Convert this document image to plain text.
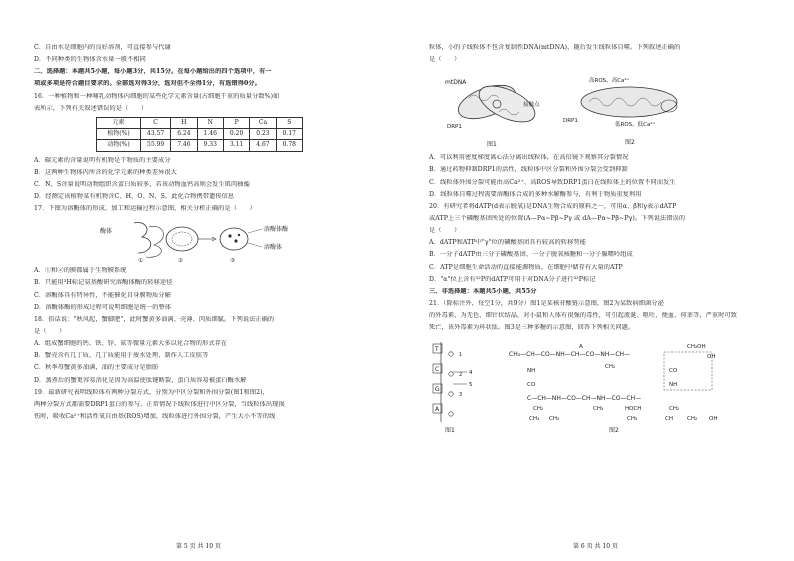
C．自由水是细胞内的良好溶剂，可直接参与代谢
D．不同种类的生物体含水量一般不相同
二、选择题：本题共5小题，每小题3分，共15分。在每小题给出的四个选项中，有一
项或多项是符合题目要求的。全部选对得3分，选对但不全得1分，有选错得0分。
16．一种植物和一种哺乳动物体内细胞的某些化学元素含量(占细胞干重的质量分数%)如
表所示，下列有关叙述错误的是（　　）
元素	C	H	N	P	Ca	S
植物(%)	43.57	6.24	1.46	0.20	0.23	0.17
动物(%)	55.99	7.46	9.33	3.11	4.67	0.78
A．碳元素的含量说明有机物是干物质的主要成分
B．这两种生物体内所含的化学元素的种类差异很大
C．N、S含量说明动物组织含蛋白质较多，若该动物血钙高则会发生肌肉抽搐
D．经测定该植物某有机物含C、H、O、N、S，此化合物携带遗传信息
17．下图为溶酶体的形成、加工和运输过程示意图，相关分析正确的是（　　）
酶体	溶酶体酶
溶酶体
①	②	③
A．①和②的膜都属于生物膜系统
B．只能用³H标记氨基酸研究溶酶体酶的转移途径
C．溶酶体具有特异性，不能催化自身膜物质分解
D．溶酶体酶的形成过程可说明细胞是统一的整体
18．俗话说："秋风起，蟹脚肥"，此时蟹黄多油满、壳薄、肉质细腻。下列说法正确的
是（　　）
A．组成蟹细胞的钙、铁、锌、氮等微量元素大多以化合物的形式存在
B．蟹壳含有几丁质，几丁质能用于废水处理、制作人工皮肤等
C．秋季母蟹黄多油满，油的主要成分是脂肪
D．蒸煮后的蟹更容易消化是因为高温使肽键断裂，蛋白质容易被蛋白酶水解
19．最新研究表明线粒体有两种分裂方式，分别为中区分裂和外围分裂(图1和图2)，
两种分裂方式都需要DRP1蛋白的参与。正常情况下线粒体进行中区分裂，当线粒体出现损
伤时，吸收Ca²⁺和活性氧自由基(ROS)增加，线粒体进行外围分裂，产生大小不等的线
第 5 页 共 10 页
粒体，小的子线粒体不包含复制性DNA(mtDNA)，随后发生线粒体自噬。下列叙述正确的
是（　　）
mtDNA
接触点
DRP1
图1
高ROS、高Ca²⁺
DRP1
低ROS、低Ca²⁺
图2
A．可以利用密度梯度离心法分离出线粒体，在高倍镜下观察其分裂情况
B．通过药物抑制DRP1的活性，线粒体中区分裂和外围分裂会受到抑制
C．线粒体外围分裂可能由高Ca²⁺、高ROS导致DRP1蛋白在线粒体上的位置不同而发生
D．线粒体自噬过程需要溶酶体合成的多种水解酶参与，有利于物质重复利用
20．有研究者将dATP(d表示脱氧)是DNA生物合成的原料之一，可用α、β和γ表示dATP
或ATP上三个磷酸基团所处的位置(A—Pα~Pβ~Pγ 或 dA—Pα~Pβ~Pγ)。下列说法错误的
是（　　）
A．dATP和ATP中"γ"位的磷酸基团具有较高的转移势能
B．一分子dATP由三分子磷酸基团、一分子脱氧核糖和一分子腺嘌呤组成
C．ATP是细胞生命活动的直接能源物质，在细胞中储存有大量的ATP
D．"α"位上含有³²P的dATP可用于对DNA分子进行³²P标记
三、非选择题：本题共5小题，共55分
21．（除标注外，每空1分，共9分）图1是某核苷酸链示意图，图2为某致病细菌分泌
的外毒素，为无色、细针状结晶，对小鼠和人体有很强的毒性，可引起流涎、呕吐、便血、痉挛等，严重时可致
死亡，该外毒素为环状肽。图3是三种多糖的示意图，回答下列相关问题。
T
1
C
2
G
3
A
4
5
图1
CH₃—CH—CO—NH—CH—CO—NH—CH—
A
CH₂
CH₂OH
OH
NH
CO
CO
NH
C—CH—NH—CO—CH—NH—CO—CH—
CH₂
CH₃ CH₃
CH₃	HOCH
CH₃
CH₂
CH	CH₂ OH
图2
第 6 页 共 10 页
